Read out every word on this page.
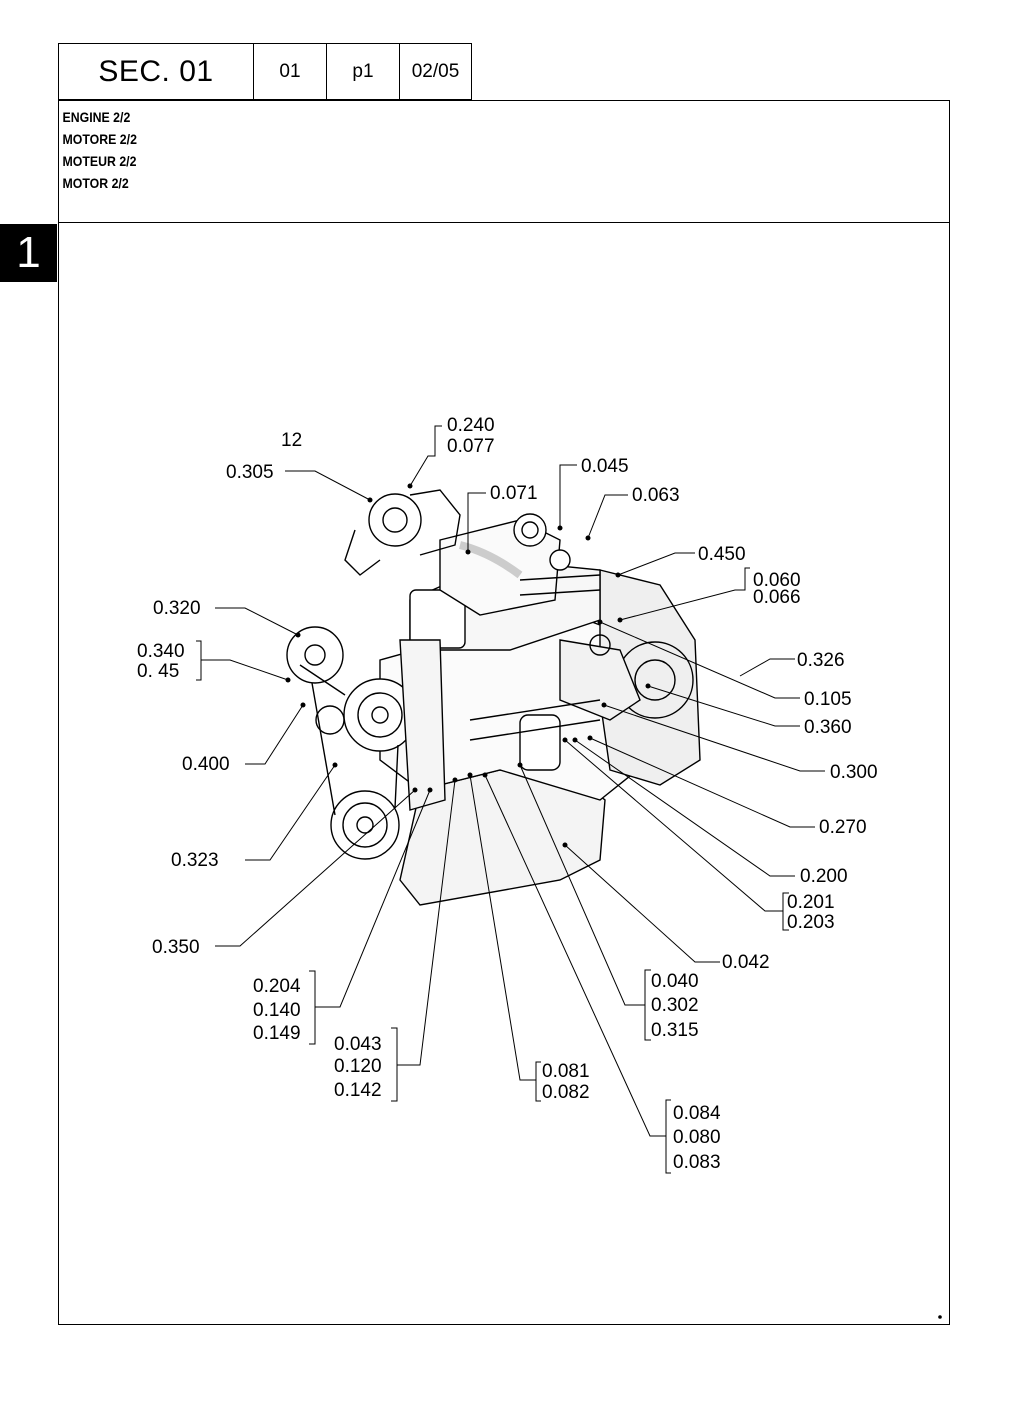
SEC. 01	01	p1 02/05
ENGINE 2/2
MOTORE 2/2
MOTEUR 2/2
MOTOR 2/2
1
12
0.305
0.240
0.077
0.071
0.045
0.063
0.450
0.060
0.066
0.320
0.340
0. 45
0.326
0.105
0.360
0.300
0.400
0.270
0.323
0.200
0.201
0.203
0.350
0.042
0.204
0.140
0.149
0.040
0.302
0.315
0.043
0.120
0.142
0.081
0.082
0.084
0.080
0.083
